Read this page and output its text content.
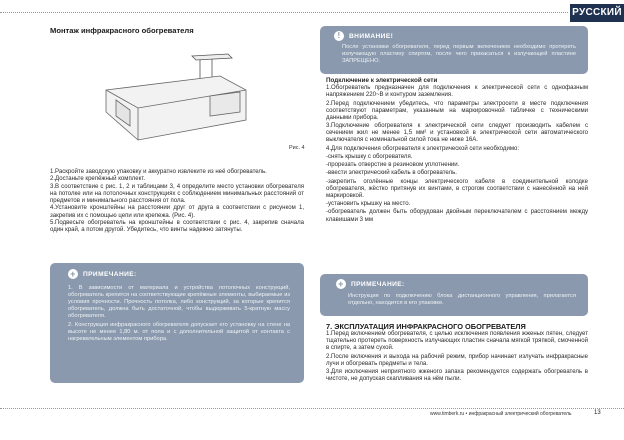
РУССКИЙ
Монтаж инфракрасного обогревателя
Рис. 4

1.Раскройте заводскую упаковку и аккуратно извлеките из неё обогреватель.

2.Достаньте крепёжный комплект.

3.В соответствие с рис. 1, 2 и таблицами 3, 4 определите место установки обогревателя на потолке или на потолочных конструкциях с соблюдением минимальных расстояний от предметов и минимального расстояния от пола.

4.Установите кронштейны на расстоянии друг от друга в соответствии с рисунком 1, закрепив их с помощью цепи или крепежа. (Рис. 4).

5.Подвесьте обогреватель на кронштейны в соответствии с рис. 4, закрепив сначала один край, а потом другой. Убедитесь, что винты надежно затянуты.

+	ПРИМЕЧАНИЕ:

1. В зависимости от материала и устройства потолочных конструкций, обогреватель крепится на соответствующие крепёжные элементы, выбираемые из условия прочности. Прочность потолка, либо конструкций, за которые крепится обогреватель, должна быть достаточной, чтобы выдерживать 5-кратную массу обогревателя.

2. Конструкция инфракрасного обогревателя допускает его установку на стене на высоте не менее 1,80 м. от пола и с дополнительной защитой от контакта с нагревательным элементом прибора.

!	ВНИМАНИЕ!
После установки обогревателя, перед первым включением необходимо протереть излучающую пластину спиртом, после чего прикасаться к излучающей пластине ЗАПРЕЩЕНО.

Подключение к электрической сети

1.Обогреватель предназначен для подключения к электрической сети с однофазным напряжением 220~В и контуром заземления.

2.Перед подключением убедитесь, что параметры электросети в месте подключения соответствуют параметрам, указанным на маркировочной табличке с техническими данными прибора.

3.Подключение обогревателя к электрической сети следует производить кабелем с сечением жил не менее 1,5 мм² и установкой в электрической сети автоматического выключателя с номинальной силой тока не ниже 16А.

4.Для подключения обогревателя к электрической сети необходимо:

-снять крышку с обогревателя.

-прорезать отверстие в резиновом уплотнении.

-ввести электрический кабель в обогреватель.

-закрепить оголённые концы электрического кабеля в соединительной колодке обогревателя, жёстко притянув их винтами, в строгом соответствии с нанесённой на ней маркировкой.

-установить крышку на место.

-обогреватель должен быть оборудован двойным переключателем с расстоянием между клавишами 3 мм

+	ПРИМЕЧАНИЕ:
Инструкция по подключению блока дистанционного управления, прилагается отдельно, находится в его упаковке.

7. ЭКСПЛУАТАЦИЯ ИНФРАКРАСНОГО ОБОГРЕВАТЕЛЯ

1.Перед включением обогревателя, с целью исключения появления жженых пятен, следует тщательно протереть поверхность излучающих пластин сначала мягкой тряпкой, смоченной в спирте, а затем сухой.

2.После включения и выхода на рабочий режим, прибор начинает излучать инфракрасные лучи и обогревать предметы и тела.

3.Для исключения неприятного жженого запаха рекомендуется содержать обогреватель в чистоте, не допуская скапливания на нём пыли.

www.timberk.ru • инфракрасный электрический обогреватель	13
